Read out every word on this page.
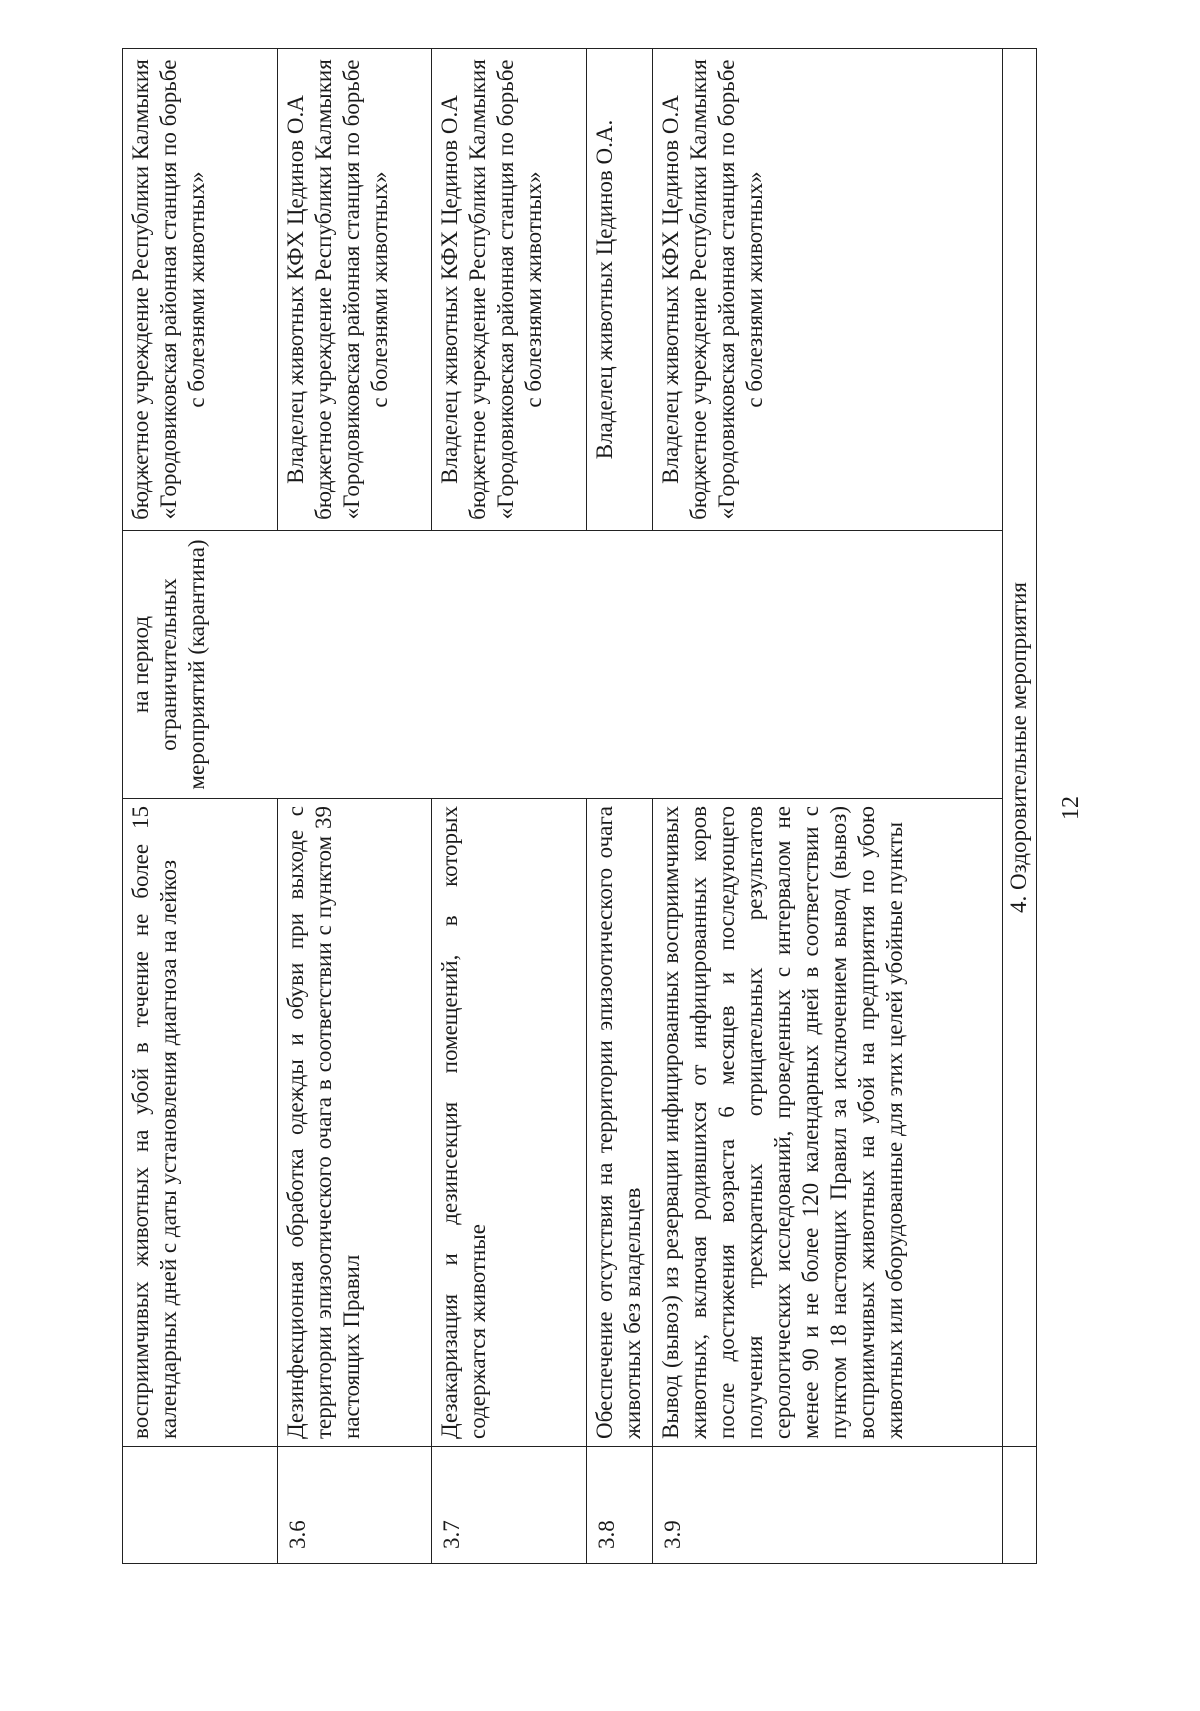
	восприимчивых животных на убой в течение не более 15 календарных дней с даты установления диагноза на лейкоз	на период ограничительных мероприятий (карантина)	бюджетное учреждение Республики Калмыкия «Городовиковская районная станция по борьбе с болезнями животных»
3.6	Дезинфекционная обработка одежды и обуви при выходе с территории эпизоотического очага в соответствии с пунктом 39 настоящих Правил		Владелец животных КФХ Цединов О.А бюджетное учреждение Республики Калмыкия «Городовиковская районная станция по борьбе с болезнями животных»
3.7	Дезакаризация и дезинсекция помещений, в которых содержатся животные		Владелец животных КФХ Цединов О.А бюджетное учреждение Республики Калмыкия «Городовиковская районная станция по борьбе с болезнями животных»
3.8	Обеспечение отсутствия на территории эпизоотического очага животных без владельцев		Владелец животных Цединов О.А.
3.9	Вывод (вывоз) из резервации инфицированных восприимчивых животных, включая родившихся от инфицированных коров после достижения возраста 6 месяцев и последующего получения трехкратных отрицательных результатов серологических исследований, проведенных с интервалом не менее 90 и не более 120 календарных дней в соответствии с пунктом 18 настоящих Правил за исключением вывод (вывоз) восприимчивых животных на убой на предприятия по убою животных или оборудованные для этих целей убойные пункты		Владелец животных КФХ Цединов О.А бюджетное учреждение Республики Калмыкия «Городовиковская районная станция по борьбе с болезнями животных»
	4. Оздоровительные мероприятия		12
